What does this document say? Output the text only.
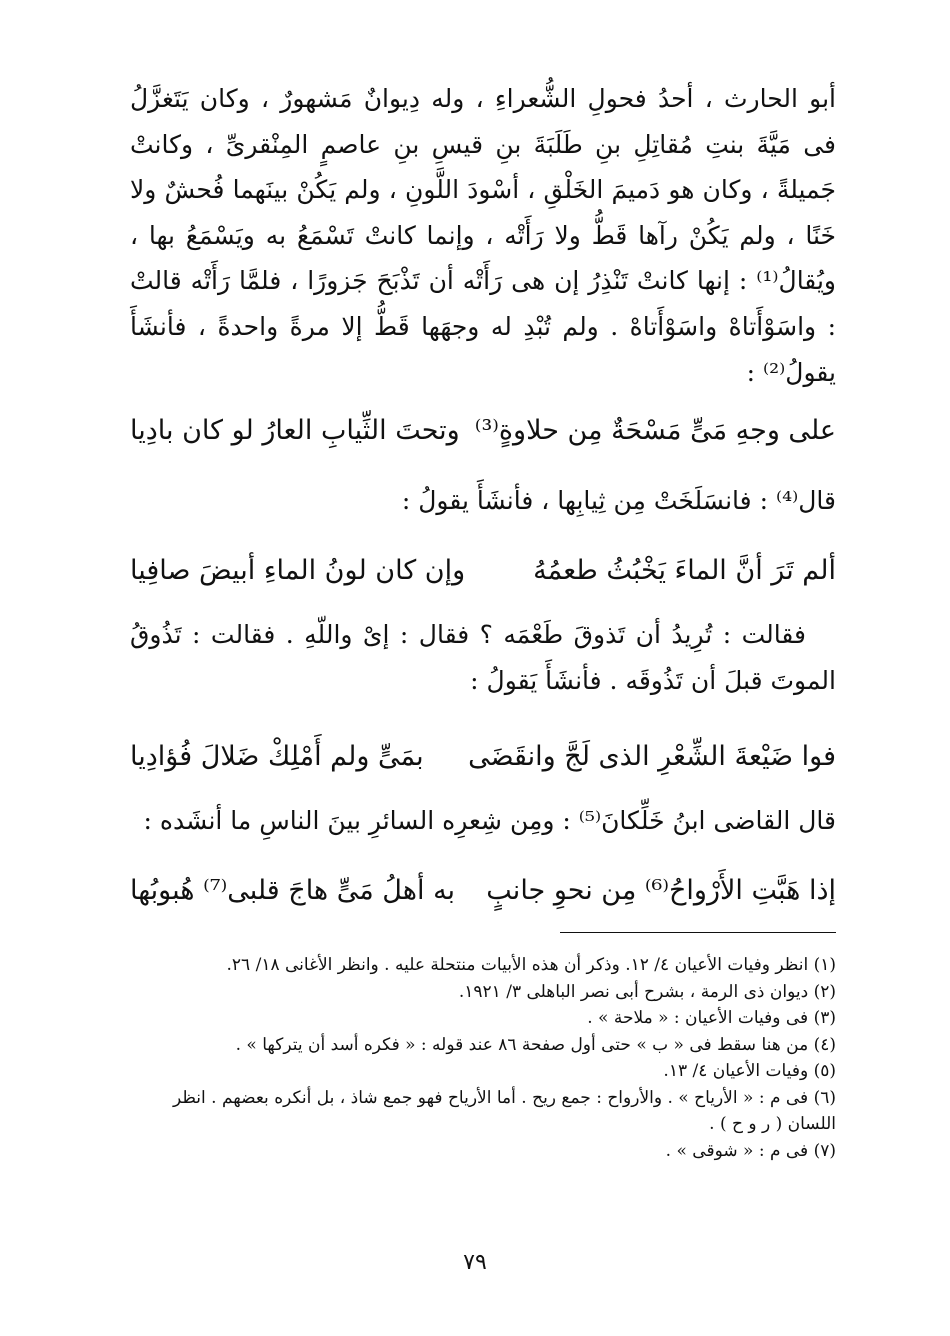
أبو الحارث ، أحدُ فحولِ الشُّعراءِ ، وله دِيوانٌ مَشهورٌ ، وكان يَتَغزَّلُ فى مَيَّةَ بنتِ مُقاتِلِ بنِ طَلَبَةَ بنِ قيسِ بنِ عاصمٍ المِنْقرىِّ ، وكانتْ جَميلةً ، وكان هو دَميمَ الخَلْقِ ، أسْودَ اللَّونِ ، ولم يَكُنْ بينَهما فُحشٌ ولا خَنًا ، ولم يَكُنْ رآها قَطُّ ولا رَأَتْه ، وإنما كانتْ تَسْمَعُ به ويَسْمَعُ بها ، ويُقالُ⁽¹⁾ : إنها كانتْ تَنْذِرُ إن هى رَأَتْه أن تَذْبَحَ جَزورًا ، فلمَّا رَأَتْه قالتْ : واسَوْأَتاهْ واسَوْأَتاهْ . ولم تُبْدِ له وجهَها قَطُّ إلا مرةً واحدةً ، فأنشَأَ يقولُ⁽²⁾ :

على وجهِ مَىٍّ مَسْحَةٌ مِن حلاوةٍ⁽³⁾
وتحتَ الثِّيابِ العارُ لو كان بادِيا
قال⁽⁴⁾ : فانسَلَخَتْ مِن ثِيابِها ، فأنشَأَ يقولُ :
ألم تَرَ أنَّ الماءَ يَخْبُثُ طعمُهُ
وإن كان لونُ الماءِ أبيضَ صافِيا

فقالت : تُرِيدُ أن تَذوقَ طَعْمَه ؟ فقال : إىْ واللّهِ . فقالت : تَذُوقُ الموتَ قبلَ أن تَذُوقَه . فأنشَأَ يَقولُ :

فوا ضَيْعةَ الشِّعْرِ الذى لَجَّ وانقَضَى
بمَىٍّ ولم أَمْلِكْ ضَلالَ فُؤادِيا
قال القاضى ابنُ خَلِّكانَ⁽⁵⁾ : ومِن شِعرِه السائرِ بينَ الناسِ ما أنشَده :
إذا هَبَّتِ الأَرْواحُ⁽⁶⁾ مِن نحوِ جانبٍ
به أهلُ مَىٍّ هاجَ قلبى⁽⁷⁾ هُبوبُها

(١) انظر وفيات الأعيان ٤/ ١٢. وذكر أن هذه الأبيات منتحلة عليه . وانظر الأغانى ١٨/ ٢٦.

(٢) ديوان ذى الرمة ، بشرح أبى نصر الباهلى ٣/ ١٩٢١.

(٣) فى وفيات الأعيان : « ملاحة » .

(٤) من هنا سقط فى « ب » حتى أول صفحة ٨٦ عند قوله : « فكره أسد أن يتركها » .

(٥) وفيات الأعيان ٤/ ١٣.

(٦) فى م : « الأرياح » . والأرواح : جمع ريح . أما الأرياح فهو جمع شاذ ، بل أنكره بعضهم . انظر اللسان ( ر و ح ) .

(٧) فى م : « شوقى » .

٧٩
